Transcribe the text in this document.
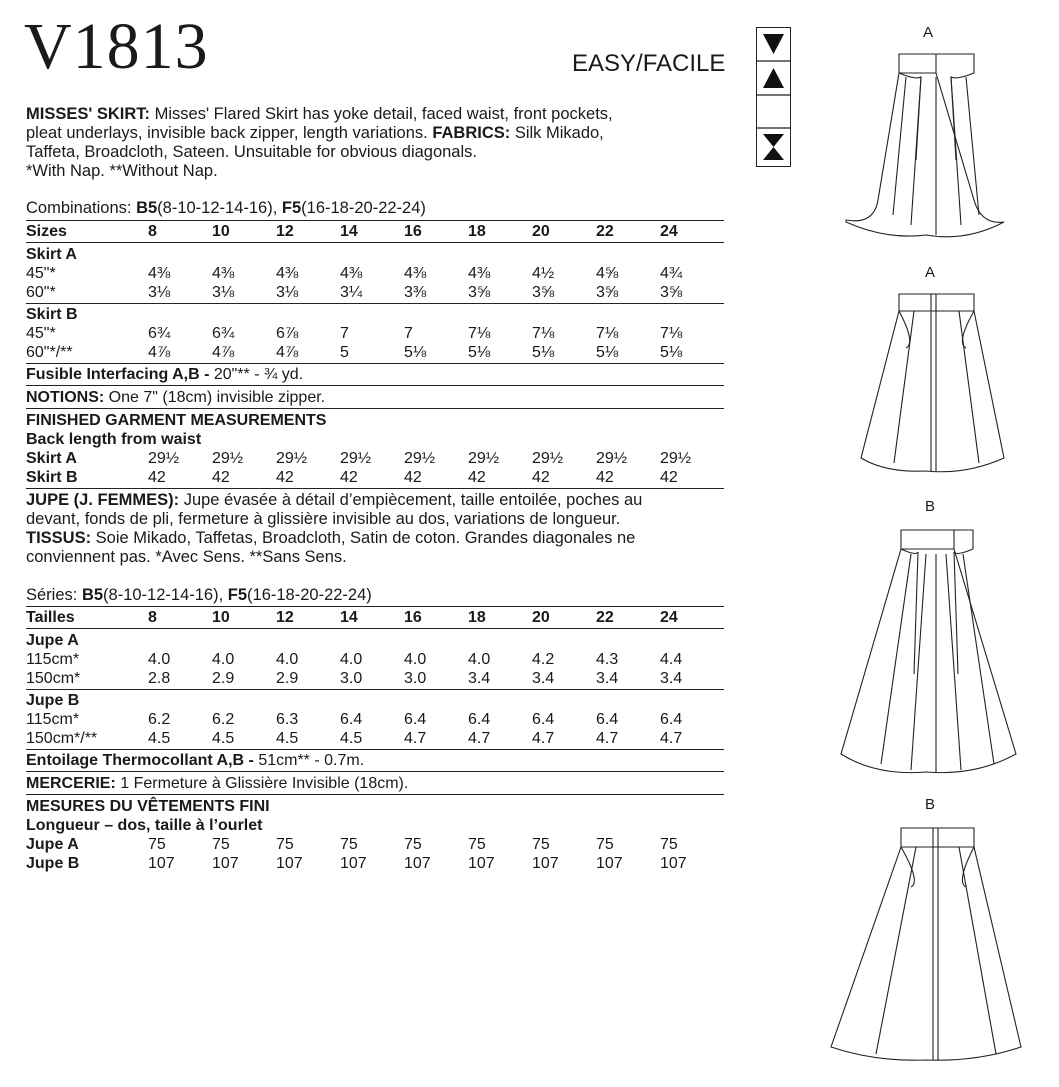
V1813	EASY/FACILE
MISSES' SKIRT: Misses' Flared Skirt has yoke detail, faced waist, front pockets,
pleat underlays, invisible back zipper, length variations. FABRICS: Silk Mikado,
Taffeta, Broadcloth, Sateen. Unsuitable for obvious diagonals.
*With Nap. **Without Nap.
Combinations: B5(8-10-12-14-16), F5(16-18-20-22-24)
A
A
B
B
Sizes	8	10	12	14	16	18	20	22	24
Skirt A
45"*	4⅜	4⅜	4⅜	4⅜	4⅜	4⅜	4½	4⅝	4¾
60"*	3⅛	3⅛	3⅛	3¼	3⅜	3⅝	3⅝	3⅝	3⅝
Skirt B
45"*	6¾	6¾	6⅞	7	7	7⅛	7⅛	7⅛	7⅛
60"*/**	4⅞	4⅞	4⅞	5	5⅛	5⅛	5⅛	5⅛	5⅛
Fusible Interfacing A,B - 20"** - ¾ yd.
NOTIONS: One 7" (18cm) invisible zipper.
FINISHED GARMENT MEASUREMENTS
Back length from waist
Skirt A	29½ 29½ 29½ 29½ 29½ 29½ 29½ 29½ 29½
Skirt B	42	42	42	42	42	42	42	42	42
JUPE (J. FEMMES): Jupe évasée à détail d’empiècement, taille entoilée, poches au
devant, fonds de pli, fermeture à glissière invisible au dos, variations de longueur.
TISSUS: Soie Mikado, Taffetas, Broadcloth, Satin de coton. Grandes diagonales ne
conviennent pas. *Avec Sens. **Sans Sens.
Séries: B5(8-10-12-14-16), F5(16-18-20-22-24)
Tailles	8	10	12	14	16	18	20	22	24
Jupe A
115cm*	4.0	4.0	4.0	4.0	4.0	4.0	4.2	4.3	4.4
150cm*	2.8	2.9	2.9	3.0	3.0	3.4	3.4	3.4	3.4
Jupe B
115cm*	6.2	6.2	6.3	6.4	6.4	6.4	6.4	6.4	6.4
150cm*/**	4.5	4.5	4.5	4.5	4.7	4.7	4.7	4.7	4.7
Entoilage Thermocollant A,B - 51cm** - 0.7m.
MERCERIE: 1 Fermeture à Glissière Invisible (18cm).
MESURES DU VÊTEMENTS FINI
Longueur – dos, taille à l’ourlet
Jupe A	75	75	75	75	75	75	75	75	75
Jupe B	107 107 107 107 107 107 107 107 107
